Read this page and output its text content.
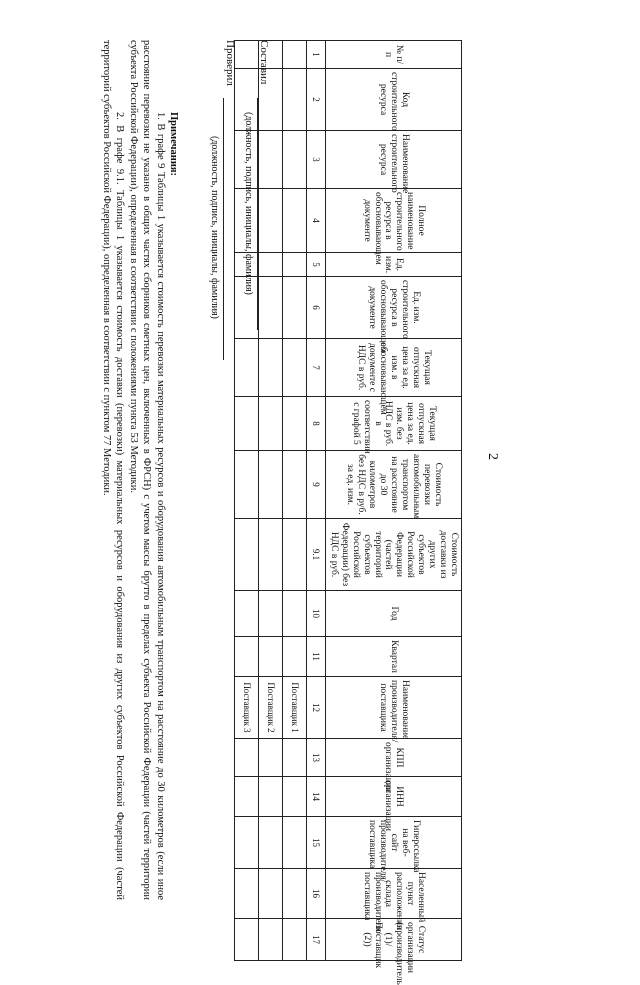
2
№ п/п	Код строительного ресурса	Наименование строительного ресурса	Полное наименование строительного ресурса в обосновывающем документе	Ед. изм.	Ед. изм. строительного ресурса в обосновывающем документе	Текущая отпускная цена за ед. изм. в обосновывающем документе с НДС в руб.	Текущая отпускная цена за ед. изм. без НДС в руб. в соответствии с графой 5	Стоимость перевозки автомобильным транспортом на расстояние до 30 километров без НДС в руб. за ед. изм.	Стоимость доставки из других субъектов Российской Федерации (частей территорий субъектов Российской Федерации) без НДС в руб.	Год	Квартал	Наименование производителя/поставщика	КПП организации	ИНН организации	Гиперссылка на веб-сайт производителя/поставщика	Населенный пункт расположения склада производителя/поставщика	Статус организации (производитель (1)/Поставщик (2))
1	2	3	4	5	6	7	8	9	9.1	10	11	12	13	14	15	16	17
												Поставщик 1					
												Поставщик 2					
												Поставщик 3					
Составил
(должность, подпись, инициалы, фамилия)
Проверил
(должность, подпись, инициалы, фамилия)
Примечания:

1. В графе 9 Таблицы 1 указывается стоимость перевозки материальных ресурсов и оборудования автомобильным транспортом на расстояние до 30 километров (если иное расстояние перевозки не указано в общих частях сборников сметных цен, включенных в ФРСН) с учетом массы брутто в пределах субъекта Российской Федерации (частей территории субъекта Российской Федерации), определенная в соответствии с положениями пункта 53 Методики.

2. В графе 9.1. Таблицы 1 указывается стоимость доставки (перевозки) материальных ресурсов и оборудования из других субъектов Российской Федерации (частей территорий субъектов Российской Федерации), определенная в соответствии с пунктом 77 Методики.
